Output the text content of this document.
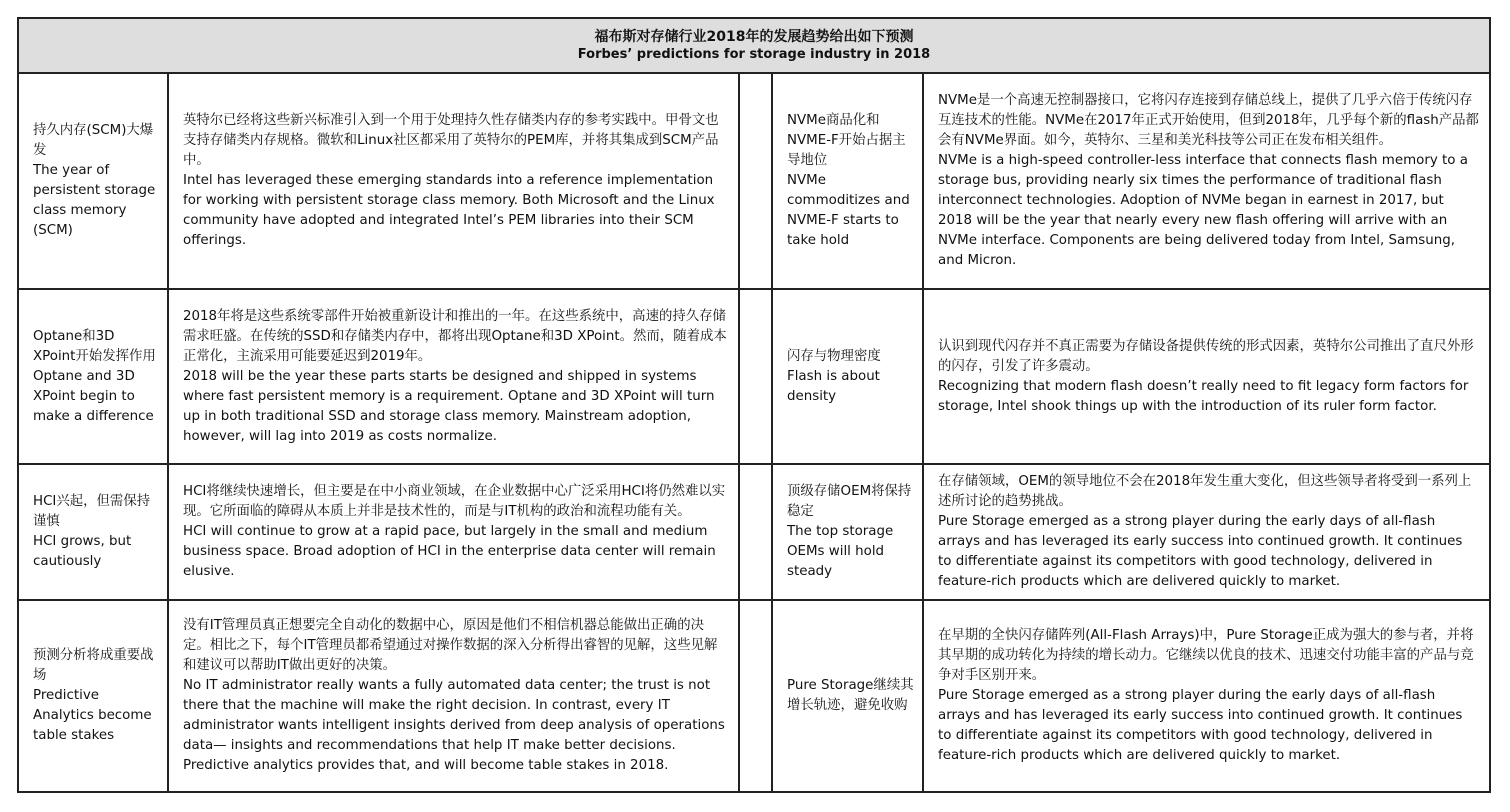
福布斯对存储行业2018年的发展趋势给出如下预测
Forbes’ predictions for storage industry in 2018
持久内存(SCM)大爆发
The year of persistent storage class memory (SCM)
英特尔已经将这些新兴标准引入到一个用于处理持久性存储类内存的参考实践中。甲骨文也支持存储类内存规格。微软和Linux社区都采用了英特尔的PEM库，并将其集成到SCM产品中。
Intel has leveraged these emerging standards into a reference implementation for working with persistent storage class memory. Both Microsoft and the Linux community have adopted and integrated Intel’s PEM libraries into their SCM offerings.
NVMe商品化和NVME-F开始占据主导地位
NVMe commoditizes and NVME-F starts to take hold
NVMe是一个高速无控制器接口，它将闪存连接到存储总线上，提供了几乎六倍于传统闪存互连技术的性能。NVMe在2017年正式开始使用，但到2018年，几乎每个新的flash产品都会有NVMe界面。如今，英特尔、三星和美光科技等公司正在发布相关组件。
NVMe is a high-speed controller-less interface that connects flash memory to a storage bus, providing nearly six times the performance of traditional flash interconnect technologies. Adoption of NVMe began in earnest in 2017, but 2018 will be the year that nearly every new flash offering will arrive with an NVMe interface. Components are being delivered today from Intel, Samsung, and Micron.
Optane和3D XPoint开始发挥作用
Optane and 3D XPoint begin to make a difference
2018年将是这些系统零部件开始被重新设计和推出的一年。在这些系统中，高速的持久存储需求旺盛。在传统的SSD和存储类内存中，都将出现Optane和3D XPoint。然而，随着成本正常化，主流采用可能要延迟到2019年。
2018 will be the year these parts starts be designed and shipped in systems where fast persistent memory is a requirement. Optane and 3D XPoint will turn up in both traditional SSD and storage class memory. Mainstream adoption, however, will lag into 2019 as costs normalize.
闪存与物理密度
Flash is about density
认识到现代闪存并不真正需要为存储设备提供传统的形式因素，英特尔公司推出了直尺外形的闪存，引发了许多震动。
Recognizing that modern flash doesn’t really need to fit legacy form factors for storage, Intel shook things up with the introduction of its ruler form factor.
HCI兴起，但需保持谨慎
HCI grows, but cautiously
HCI将继续快速增长，但主要是在中小商业领域，在企业数据中心广泛采用HCI将仍然难以实现。它所面临的障碍从本质上并非是技术性的，而是与IT机构的政治和流程功能有关。
HCI will continue to grow at a rapid pace, but largely in the small and medium business space. Broad adoption of HCI in the enterprise data center will remain elusive.
顶级存储OEM将保持稳定
The top storage OEMs will hold steady
在存储领域，OEM的领导地位不会在2018年发生重大变化，但这些领导者将受到一系列上述所讨论的趋势挑战。
Pure Storage emerged as a strong player during the early days of all-flash arrays and has leveraged its early success into continued growth. It continues to differentiate against its competitors with good technology, delivered in feature-rich products which are delivered quickly to market.
预测分析将成重要战场
Predictive Analytics become table stakes
没有IT管理员真正想要完全自动化的数据中心，原因是他们不相信机器总能做出正确的决定。相比之下，每个IT管理员都希望通过对操作数据的深入分析得出睿智的见解，这些见解和建议可以帮助IT做出更好的决策。
No IT administrator really wants a fully automated data center; the trust is not there that the machine will make the right decision. In contrast, every IT administrator wants intelligent insights derived from deep analysis of operations data— insights and recommendations that help IT make better decisions. Predictive analytics provides that, and will become table stakes in 2018.
Pure Storage继续其增长轨迹，避免收购
在早期的全快闪存储阵列(All-Flash Arrays)中，Pure Storage正成为强大的参与者，并将其早期的成功转化为持续的增长动力。它继续以优良的技术、迅速交付功能丰富的产品与竞争对手区别开来。
Pure Storage emerged as a strong player during the early days of all-flash arrays and has leveraged its early success into continued growth. It continues to differentiate against its competitors with good technology, delivered in feature-rich products which are delivered quickly to market.
